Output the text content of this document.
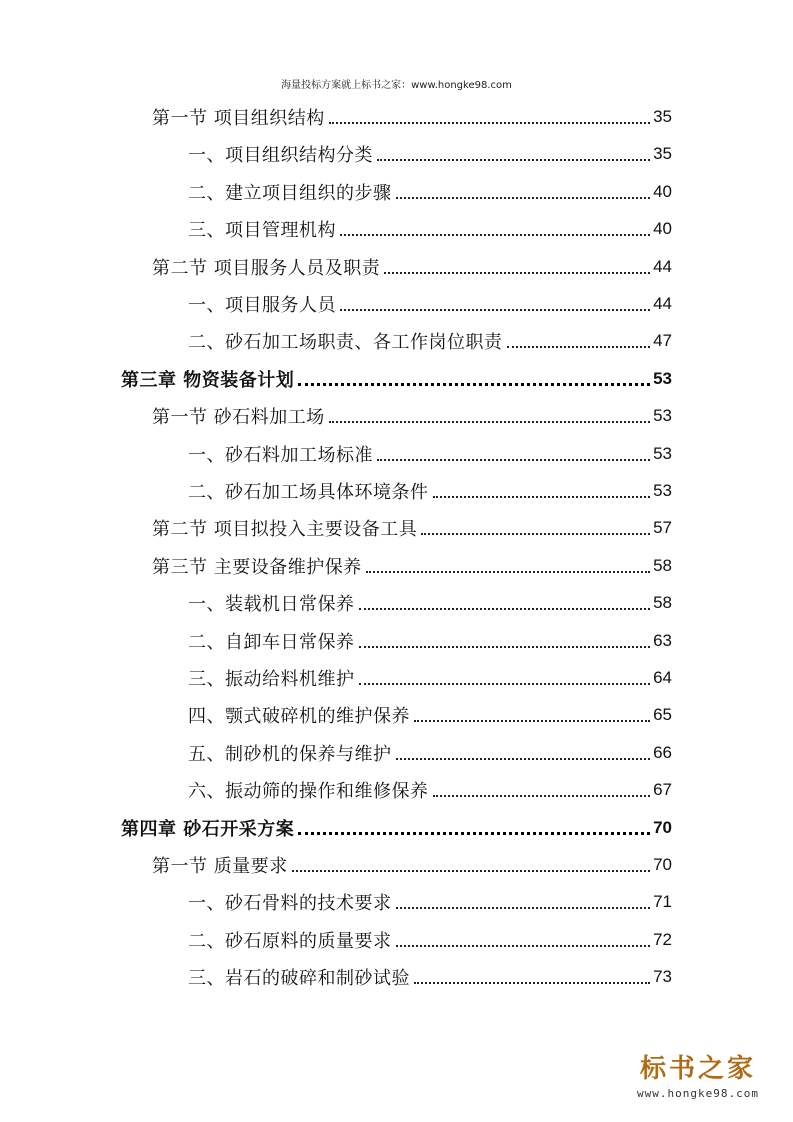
海量投标方案就上标书之家：www.hongke98.com
第一节 项目组织结构	35
一、项目组织结构分类	35
二、建立项目组织的步骤	40
三、项目管理机构	40
第二节 项目服务人员及职责	44
一、项目服务人员	44
二、砂石加工场职责、各工作岗位职责	47
第三章 物资装备计划	53
第一节 砂石料加工场	53
一、砂石料加工场标准	53
二、砂石加工场具体环境条件	53
第二节 项目拟投入主要设备工具	57
第三节 主要设备维护保养	58
一、装载机日常保养	58
二、自卸车日常保养	63
三、振动给料机维护	64
四、颚式破碎机的维护保养	65
五、制砂机的保养与维护	66
六、振动筛的操作和维修保养	67
第四章 砂石开采方案	70
第一节 质量要求	70
一、砂石骨料的技术要求	71
二、砂石原料的质量要求	72
三、岩石的破碎和制砂试验	73
标书之家
www.hongke98.com
